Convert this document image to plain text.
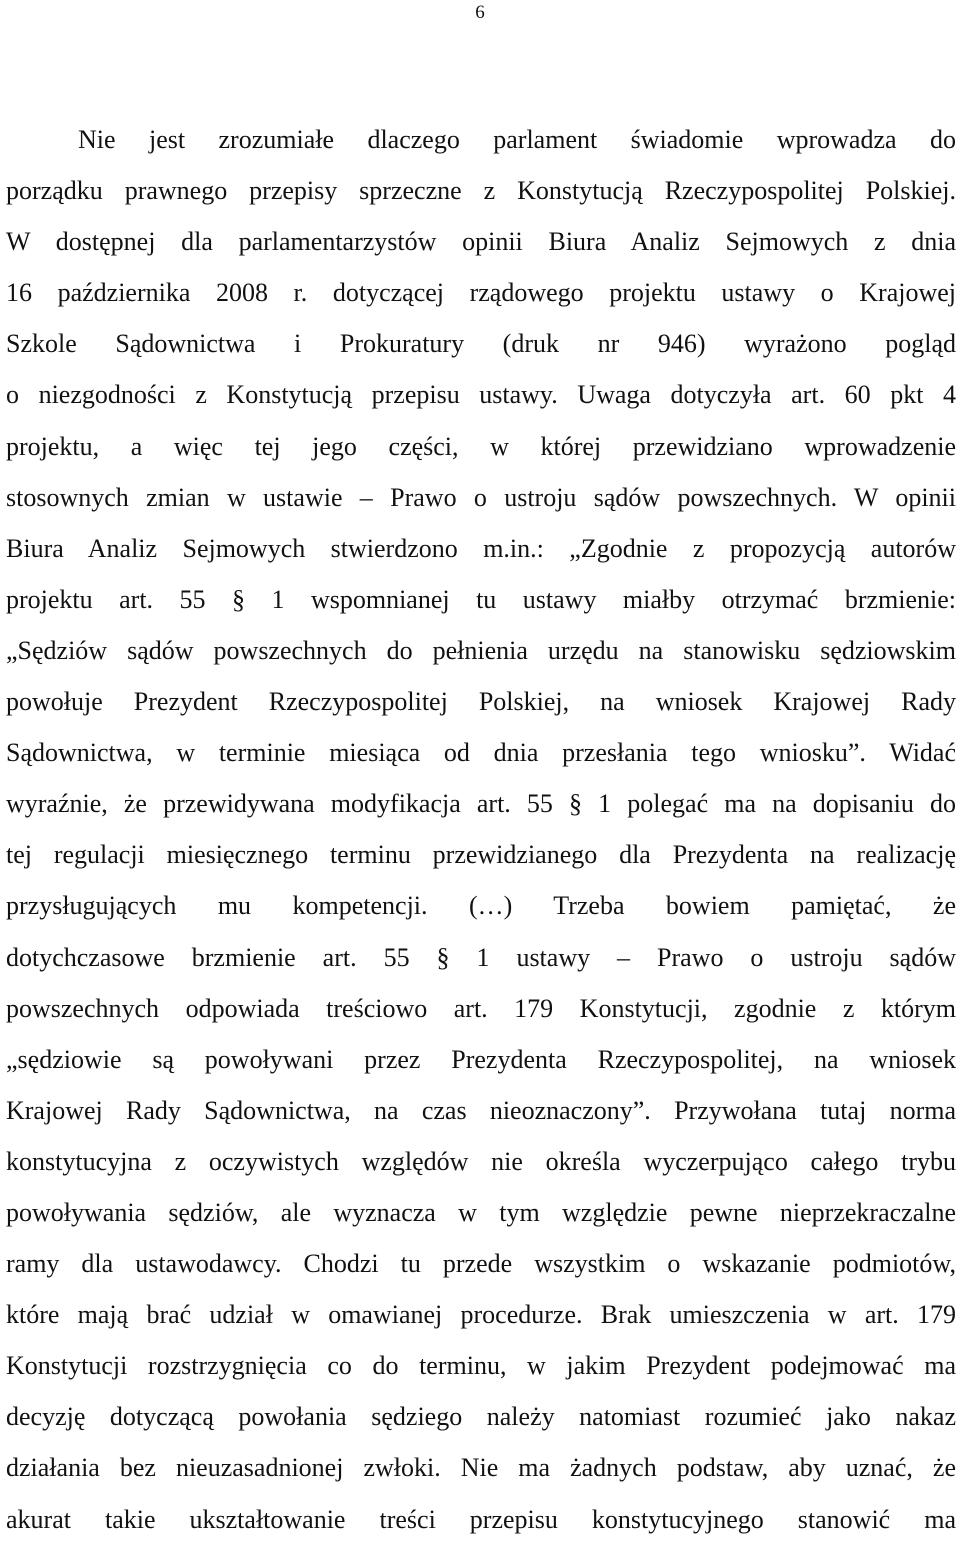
6
Nie jest zrozumiałe dlaczego parlament świadomie wprowadza do
porządku prawnego przepisy sprzeczne z Konstytucją Rzeczypospolitej Polskiej.
W dostępnej dla parlamentarzystów opinii Biura Analiz Sejmowych z dnia
16 października 2008 r. dotyczącej rządowego projektu ustawy o Krajowej
Szkole Sądownictwa i Prokuratury (druk nr 946) wyrażono pogląd
o niezgodności z Konstytucją przepisu ustawy. Uwaga dotyczyła art. 60 pkt 4
projektu, a więc tej jego części, w której przewidziano wprowadzenie
stosownych zmian w ustawie – Prawo o ustroju sądów powszechnych. W opinii
Biura Analiz Sejmowych stwierdzono m.in.: „Zgodnie z propozycją autorów
projektu art. 55 § 1 wspomnianej tu ustawy miałby otrzymać brzmienie:
„Sędziów sądów powszechnych do pełnienia urzędu na stanowisku sędziowskim
powołuje Prezydent Rzeczypospolitej Polskiej, na wniosek Krajowej Rady
Sądownictwa, w terminie miesiąca od dnia przesłania tego wniosku”. Widać
wyraźnie, że przewidywana modyfikacja art. 55 § 1 polegać ma na dopisaniu do
tej regulacji miesięcznego terminu przewidzianego dla Prezydenta na realizację
przysługujących mu kompetencji. (…) Trzeba bowiem pamiętać, że
dotychczasowe brzmienie art. 55 § 1 ustawy – Prawo o ustroju sądów
powszechnych odpowiada treściowo art. 179 Konstytucji, zgodnie z którym
„sędziowie są powoływani przez Prezydenta Rzeczypospolitej, na wniosek
Krajowej Rady Sądownictwa, na czas nieoznaczony”. Przywołana tutaj norma
konstytucyjna z oczywistych względów nie określa wyczerpująco całego trybu
powoływania sędziów, ale wyznacza w tym względzie pewne nieprzekraczalne
ramy dla ustawodawcy. Chodzi tu przede wszystkim o wskazanie podmiotów,
które mają brać udział w omawianej procedurze. Brak umieszczenia w art. 179
Konstytucji rozstrzygnięcia co do terminu, w jakim Prezydent podejmować ma
decyzję dotyczącą powołania sędziego należy natomiast rozumieć jako nakaz
działania bez nieuzasadnionej zwłoki. Nie ma żadnych podstaw, aby uznać, że
akurat takie ukształtowanie treści przepisu konstytucyjnego stanowić ma
